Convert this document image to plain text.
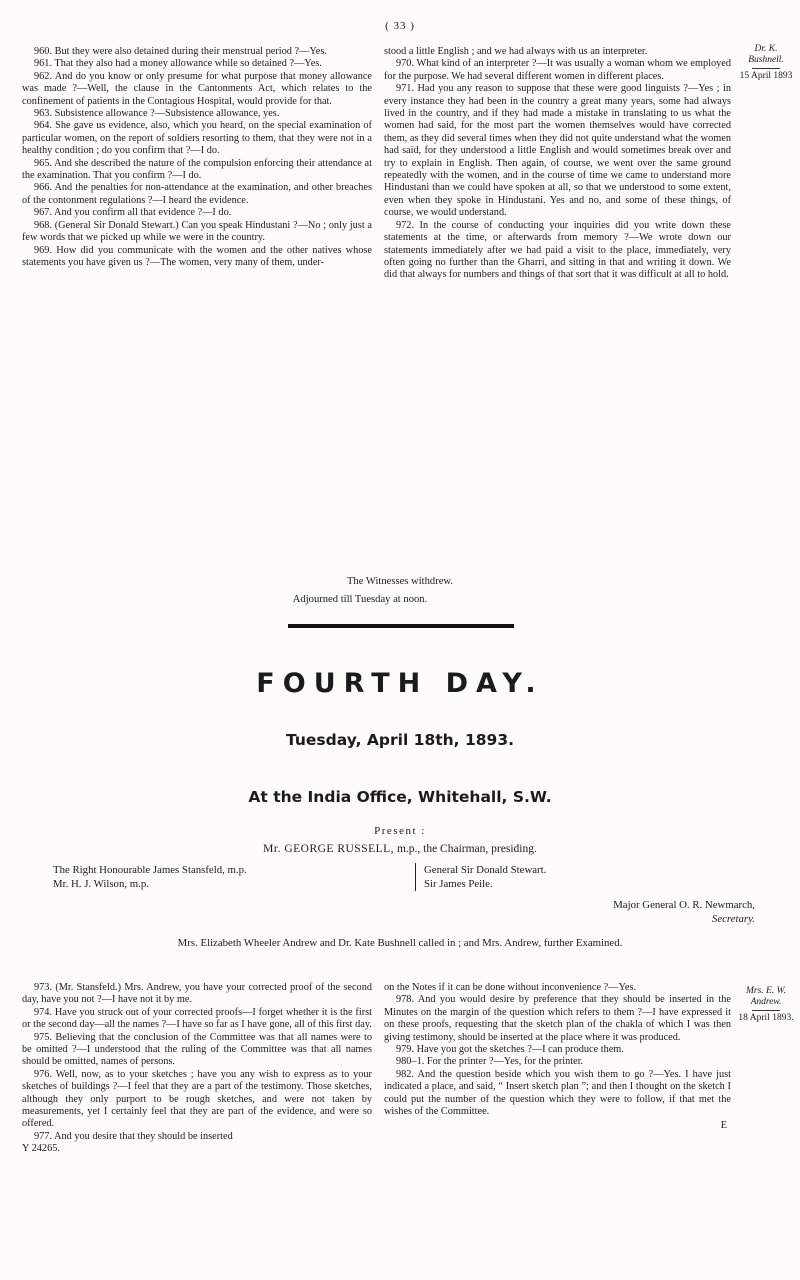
( 33 )

960. But they were also detained during their menstrual period ?—Yes.

961. That they also had a money allowance while so detained ?—Yes.

962. And do you know or only presume for what purpose that money allowance was made ?—Well, the clause in the Cantonments Act, which relates to the confinement of patients in the Contagious Hospital, would provide for that.

963. Subsistence allowance ?—Subsistence allowance, yes.

964. She gave us evidence, also, which you heard, on the special examination of particular women, on the report of soldiers resorting to them, that they were not in a healthy condition ; do you confirm that ?—I do.

965. And she described the nature of the compulsion enforcing their attendance at the examination. That you confirm ?—I do.

966. And the penalties for non-attendance at the examination, and other breaches of the contonment regulations ?—I heard the evidence.

967. And you confirm all that evidence ?—I do.

968. (General Sir Donald Stewart.) Can you speak Hindustani ?—No ; only just a few words that we picked up while we were in the country.

969. How did you communicate with the women and the other natives whose statements you have given us ?—The women, very many of them, under-

stood a little English ; and we had always with us an interpreter.

970. What kind of an interpreter ?—It was usually a woman whom we employed for the purpose. We had several different women in different places.

971. Had you any reason to suppose that these were good linguists ?—Yes ; in every instance they had been in the country a great many years, some had always lived in the country, and if they had made a mistake in translating to us what the women had said, for the most part the women themselves would have corrected them, as they did several times when they did not quite understand what the women had said, for they understood a little English and would sometimes break over and try to explain in English. Then again, of course, we went over the same ground repeatedly with the women, and in the course of time we came to understand more Hindustani than we could have spoken at all, so that we understood to some extent, even when they spoke in Hindustani. Yes and no, and some of these things, of course, we would understand.

972. In the course of conducting your inquiries did you write down these statements at the time, or afterwards from memory ?—We wrote down our statements immediately after we had paid a visit to the place, immediately, very often going no further than the Gharri, and sitting in that and writing it down. We did that always for numbers and things of that sort that it was difficult at all to hold.

Dr. K. Bushnell.
15 April 1893
The Witnesses withdrew.
Adjourned till Tuesday at noon.
FOURTH DAY.
Tuesday, April 18th, 1893.
At the India Office, Whitehall, S.W.
Present :
Mr. GEORGE RUSSELL, m.p., the Chairman, presiding.
The Right Honourable James Stansfeld, m.p.
Mr. H. J. Wilson, m.p.
General Sir Donald Stewart.
Sir James Peile.
Major General O. R. Newmarch,
Secretary.
Mrs. Elizabeth Wheeler Andrew and Dr. Kate Bushnell called in ; and Mrs. Andrew, further Examined.

973. (Mr. Stansfeld.) Mrs. Andrew, you have your corrected proof of the second day, have you not ?—I have not it by me.

974. Have you struck out of your corrected proofs—I forget whether it is the first or the second day—all the names ?—I have so far as I have gone, all of this first day.

975. Believing that the conclusion of the Committee was that all names were to be omitted ?—I understood that the ruling of the Committee was that all names should be omitted, names of persons.

976. Well, now, as to your sketches ; have you any wish to express as to your sketches of buildings ?—I feel that they are a part of the testimony. Those sketches, although they only purport to be rough sketches, and were not taken by measurements, yet I certainly feel that they are part of the evidence, and were so offered.

977. And you desire that they should be inserted

Y 24265.

on the Notes if it can be done without inconvenience ?—Yes.

978. And you would desire by preference that they should be inserted in the Minutes on the margin of the question which refers to them ?—I have expressed it on these proofs, requesting that the sketch plan of the chakla of which I was then giving testimony, should be inserted at the place where it was produced.

979. Have you got the sketches ?—I can produce them.

980–1. For the printer ?—Yes, for the printer.

982. And the question beside which you wish them to go ?—Yes. I have just indicated a place, and said, “ Insert sketch plan ”; and then I thought on the sketch I could put the number of the question which they were to follow, if that met the wishes of the Committee.

E
Mrs. E. W. Andrew.
18 April 1893.
